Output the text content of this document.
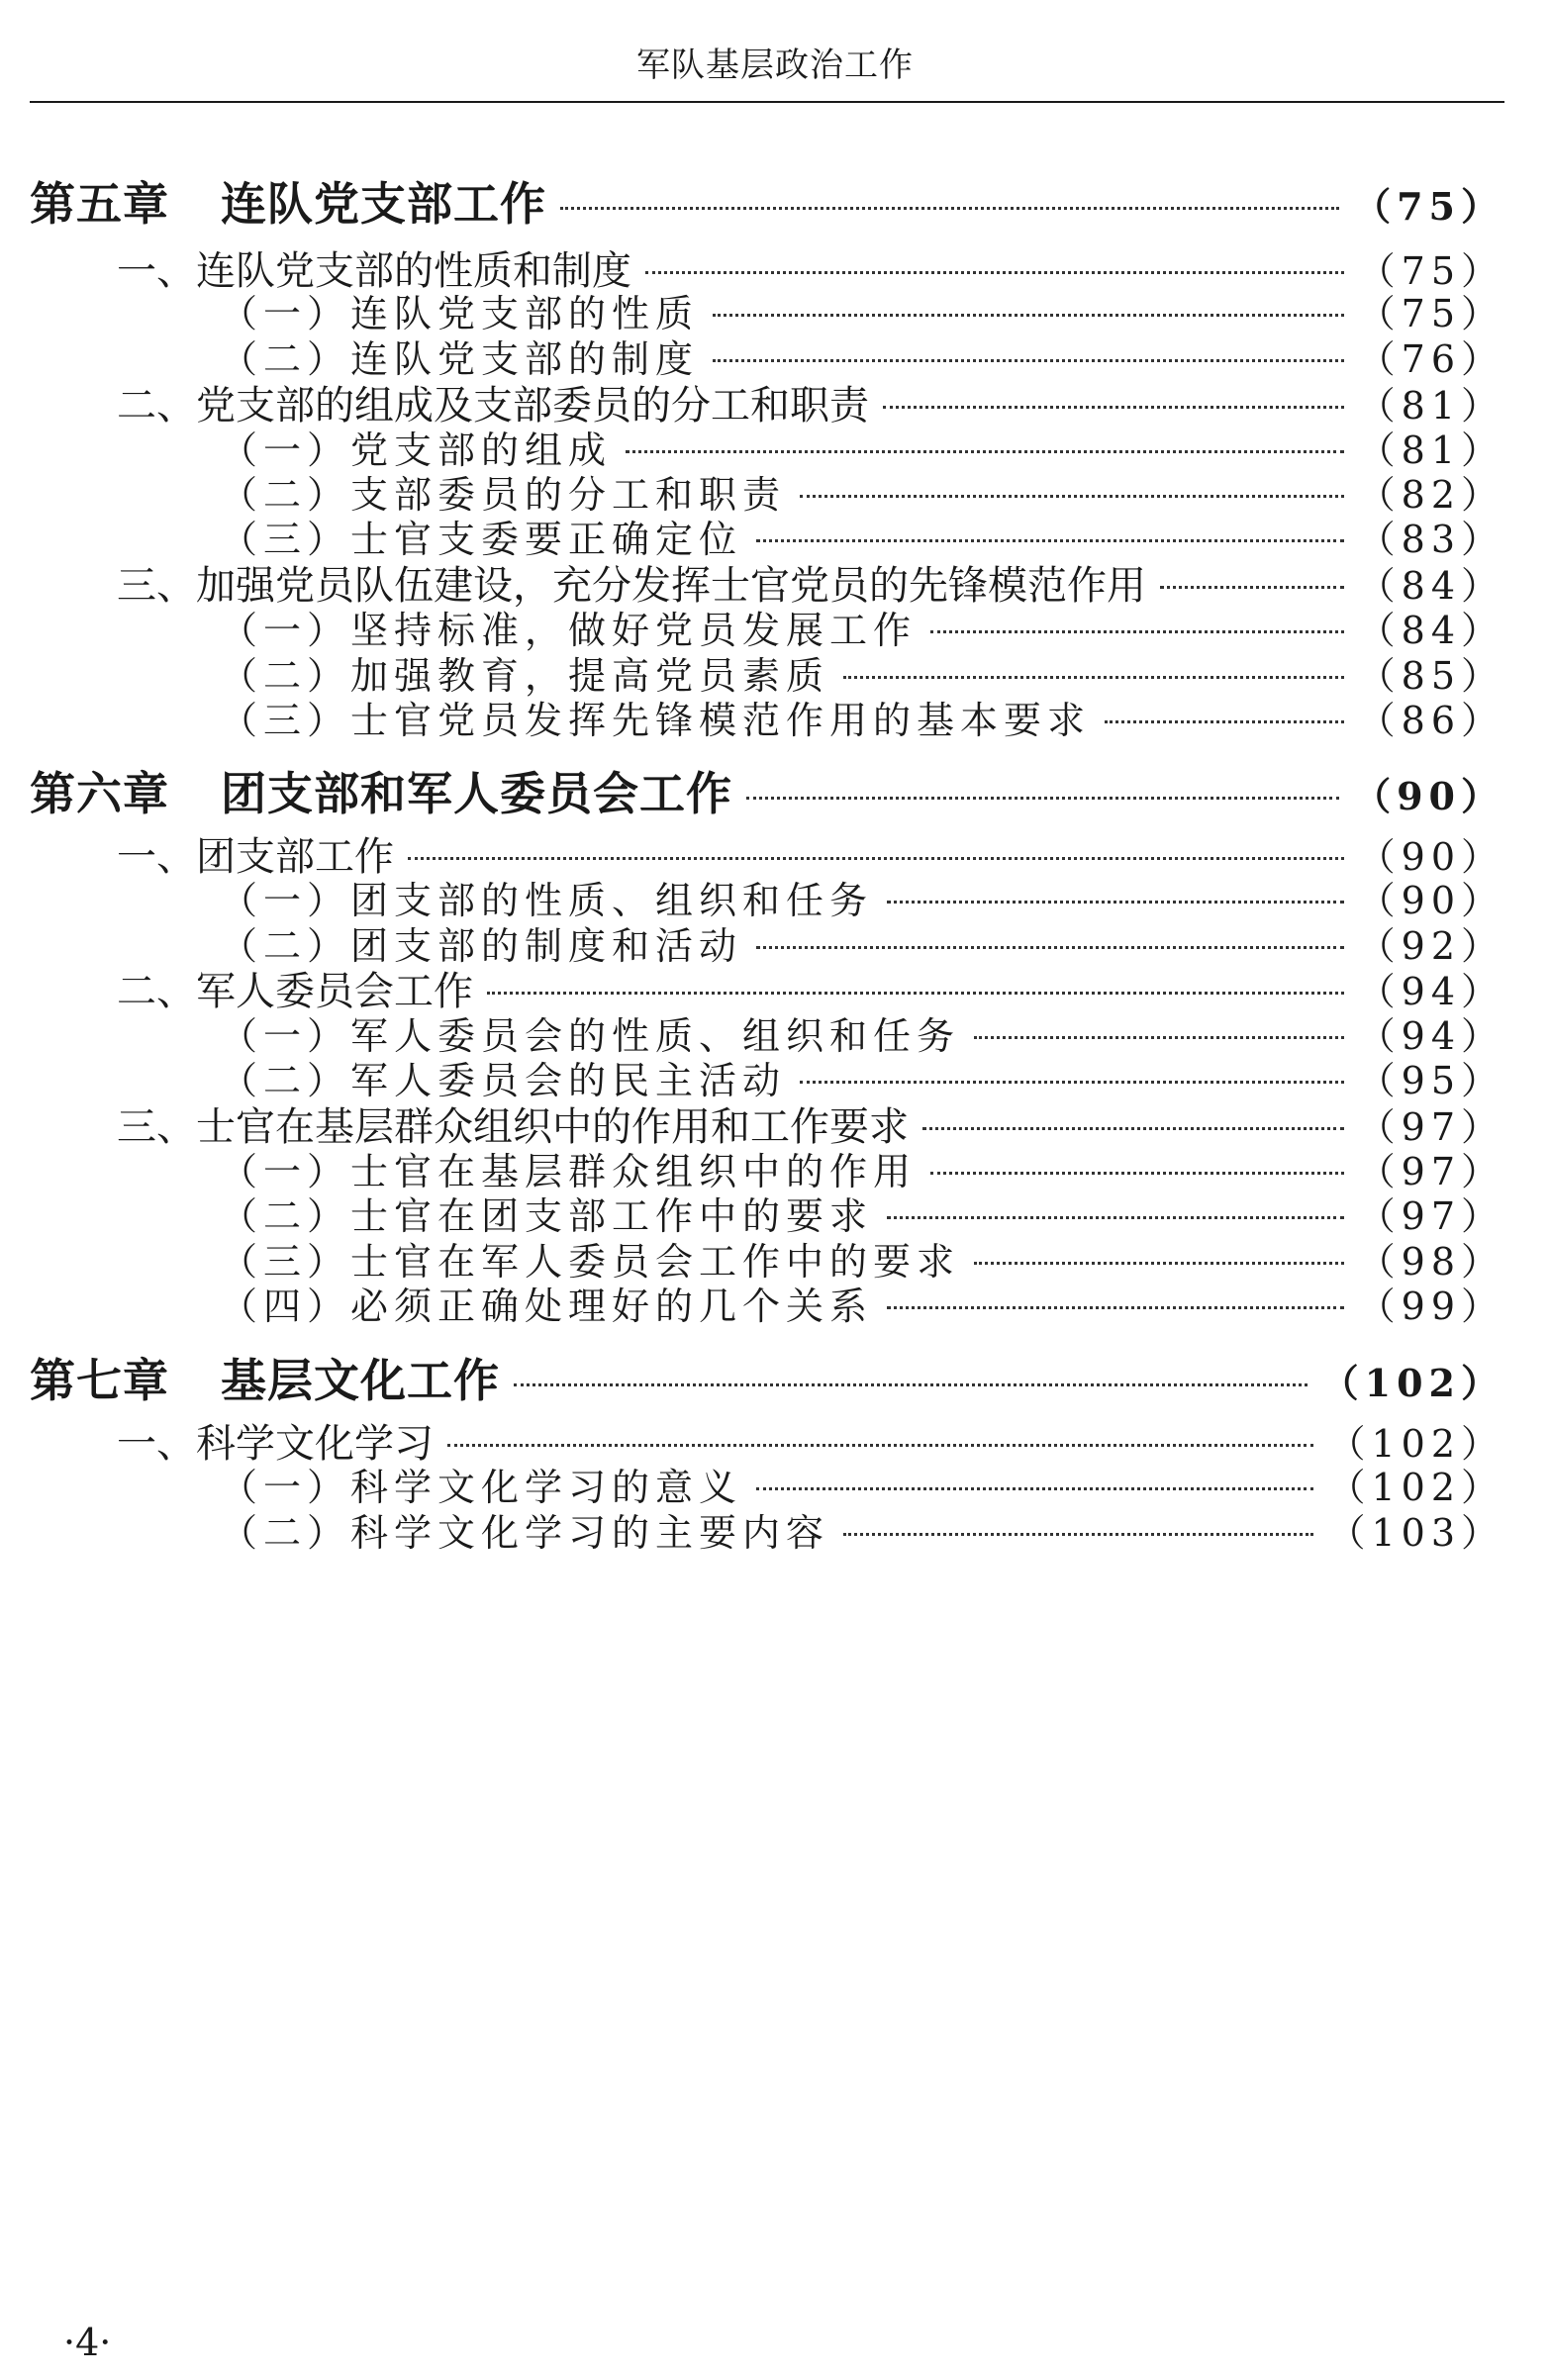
军队基层政治工作
第五章 连队党支部工作	（75）
一、连队党支部的性质和制度	（75）
（一）连队党支部的性质	（75）
（二）连队党支部的制度	（76）
二、党支部的组成及支部委员的分工和职责	（81）
（一）党支部的组成	（81）
（二）支部委员的分工和职责	（82）
（三）士官支委要正确定位	（83）
三、加强党员队伍建设，充分发挥士官党员的先锋模范作用	（84）
（一）坚持标准，做好党员发展工作	（84）
（二）加强教育，提高党员素质	（85）
（三）士官党员发挥先锋模范作用的基本要求	（86）
第六章 团支部和军人委员会工作	（90）
一、团支部工作	（90）
（一）团支部的性质、组织和任务	（90）
（二）团支部的制度和活动	（92）
二、军人委员会工作	（94）
（一）军人委员会的性质、组织和任务	（94）
（二）军人委员会的民主活动	（95）
三、士官在基层群众组织中的作用和工作要求	（97）
（一）士官在基层群众组织中的作用	（97）
（二）士官在团支部工作中的要求	（97）
（三）士官在军人委员会工作中的要求	（98）
（四）必须正确处理好的几个关系	（99）
第七章 基层文化工作	（102）
一、科学文化学习	（102）
（一）科学文化学习的意义	（102）
（二）科学文化学习的主要内容	（103）
·4·
